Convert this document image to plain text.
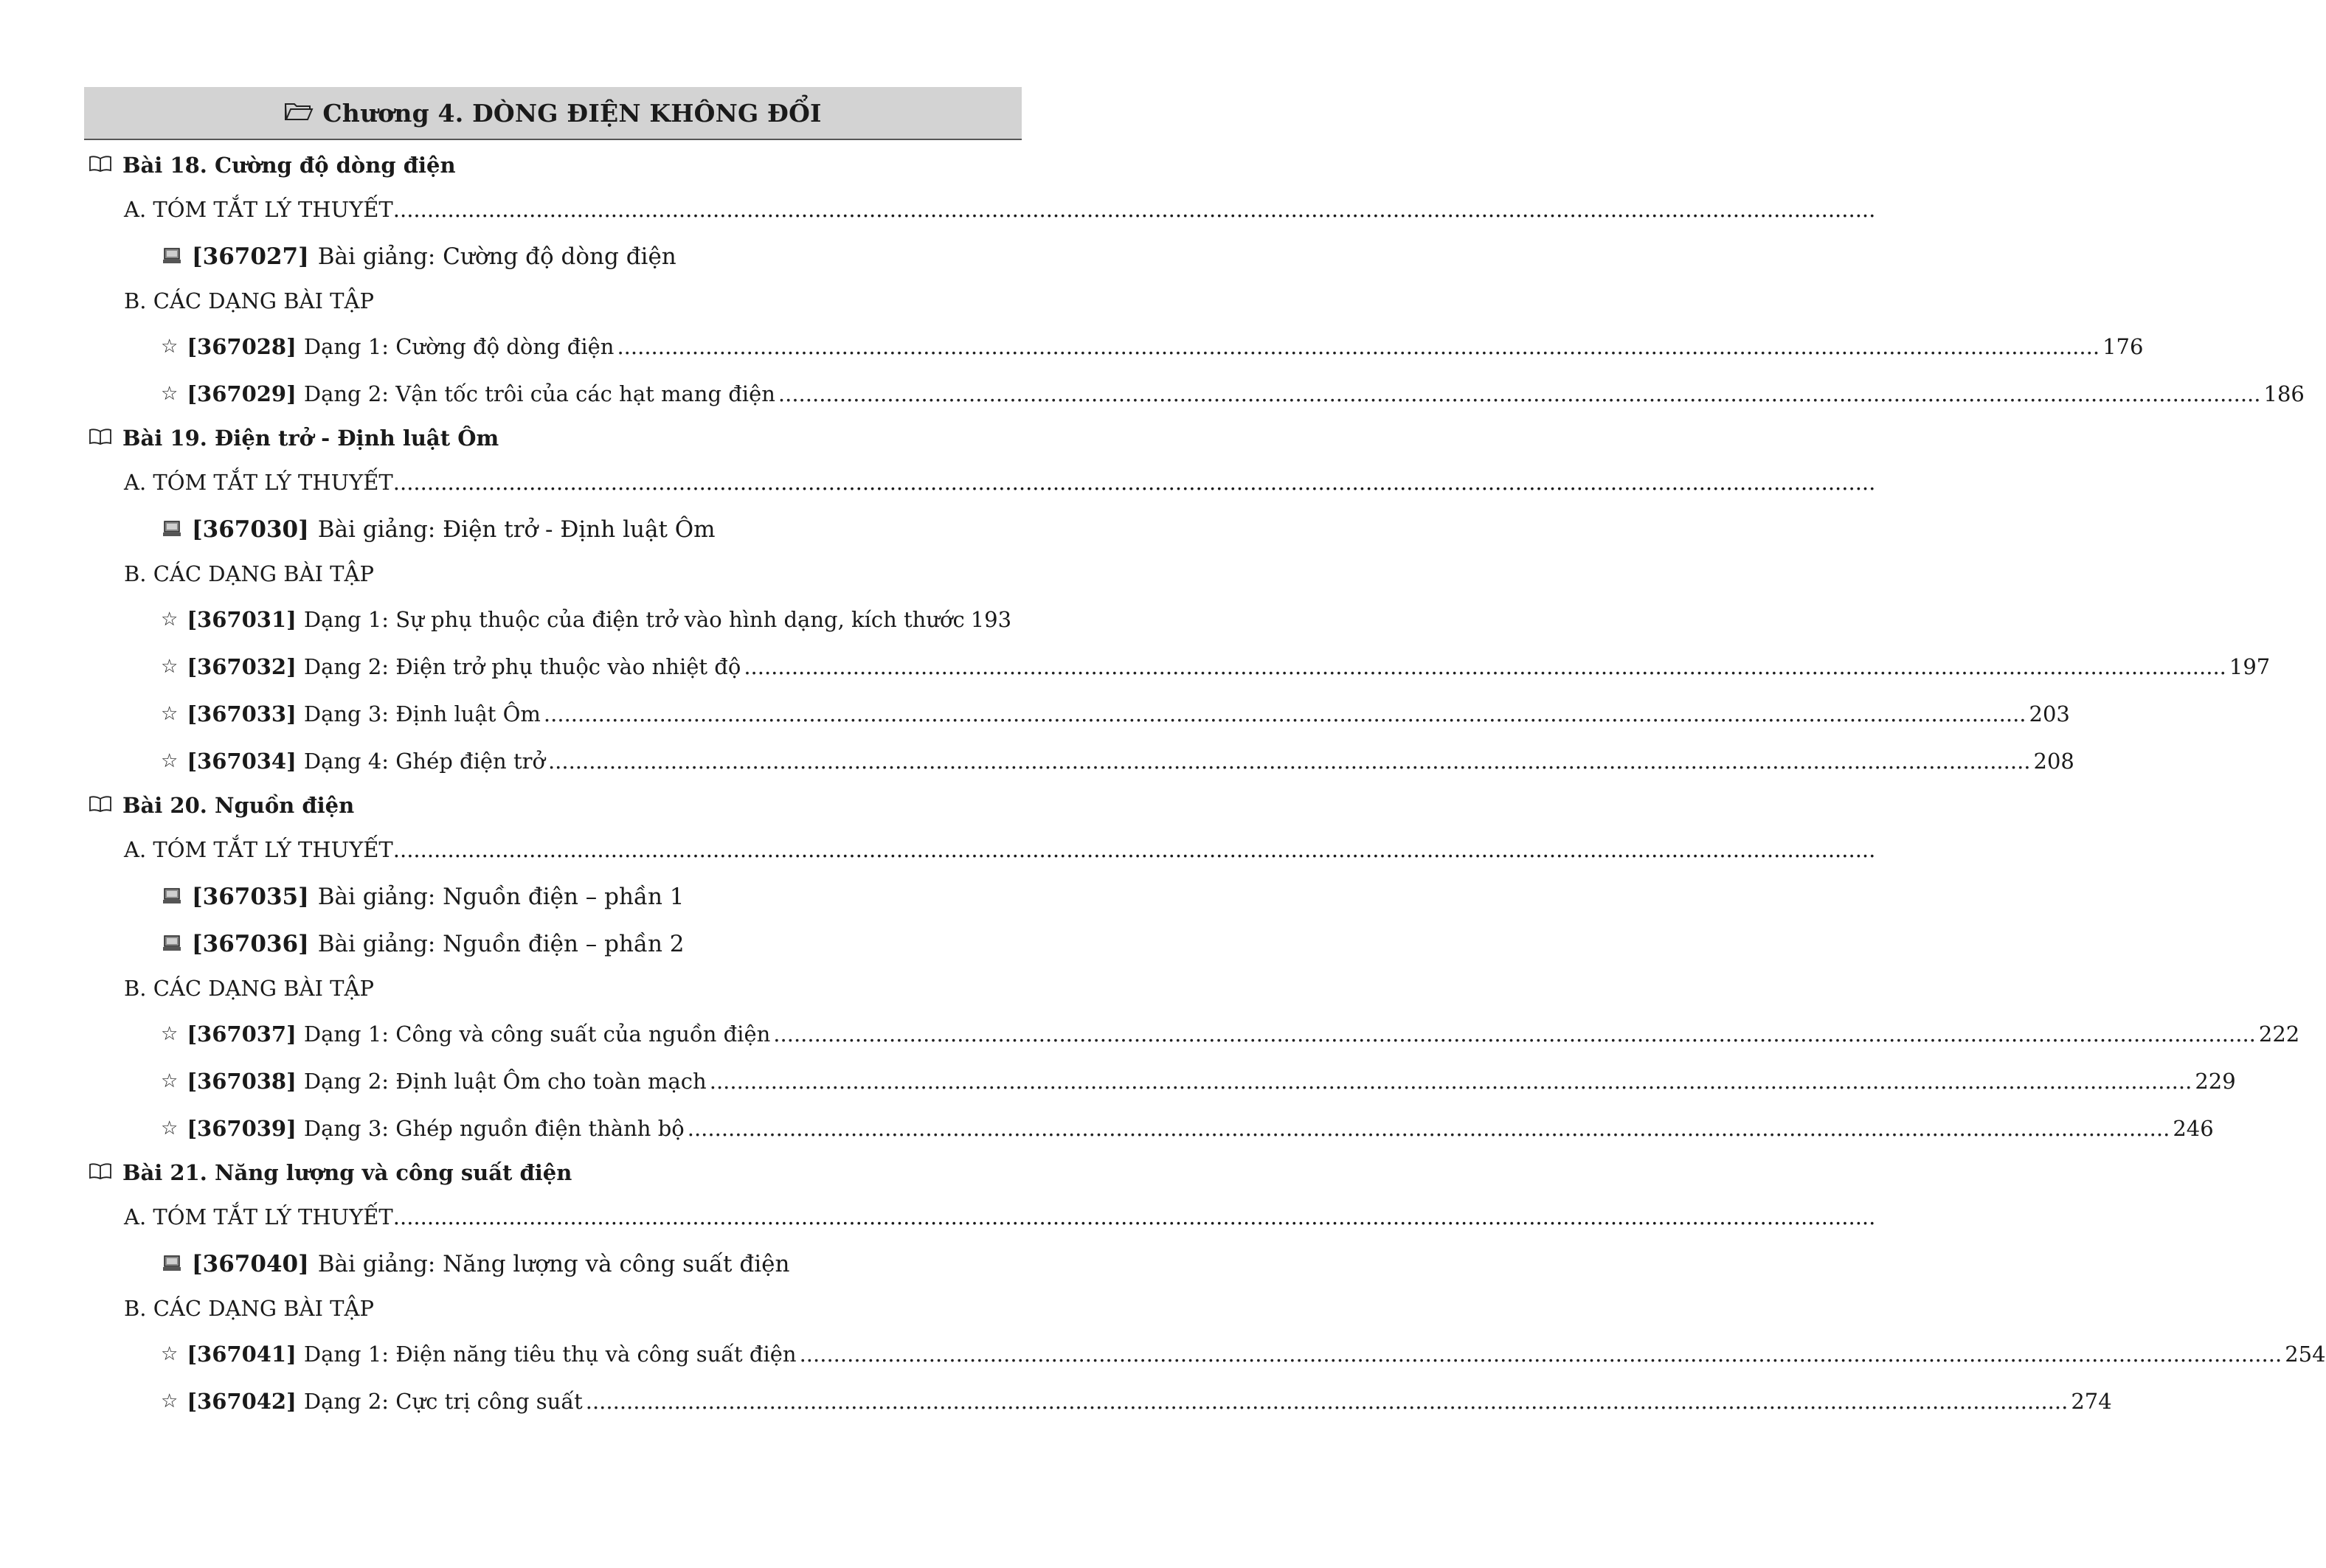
Chương 4. DÒNG ĐIỆN KHÔNG ĐỔI
Bài 18. Cường độ dòng điện
A. TÓM TẮT LÝ THUYẾT ..........................................................................................................................................................................................................................
[367027] Bài giảng: Cường độ dòng điện
B. CÁC DẠNG BÀI TẬP
☆ [367028] Dạng 1: Cường độ dòng điện .......................................................................................................................................................................................................................... 176
☆ [367029] Dạng 2: Vận tốc trôi của các hạt mang điện .......................................................................................................................................................................................................................... 186
Bài 19. Điện trở - Định luật Ôm
A. TÓM TẮT LÝ THUYẾT ..........................................................................................................................................................................................................................
[367030] Bài giảng: Điện trở - Định luật Ôm
B. CÁC DẠNG BÀI TẬP
☆ [367031] Dạng 1: Sự phụ thuộc của điện trở vào hình dạng, kích thước 193
☆ [367032] Dạng 2: Điện trở phụ thuộc vào nhiệt độ .......................................................................................................................................................................................................................... 197
☆ [367033] Dạng 3: Định luật Ôm .......................................................................................................................................................................................................................... 203
☆ [367034] Dạng 4: Ghép điện trở .......................................................................................................................................................................................................................... 208
Bài 20. Nguồn điện
A. TÓM TẮT LÝ THUYẾT ..........................................................................................................................................................................................................................
[367035] Bài giảng: Nguồn điện – phần 1
[367036] Bài giảng: Nguồn điện – phần 2
B. CÁC DẠNG BÀI TẬP
☆ [367037] Dạng 1: Công và công suất của nguồn điện .......................................................................................................................................................................................................................... 222
☆ [367038] Dạng 2: Định luật Ôm cho toàn mạch .......................................................................................................................................................................................................................... 229
☆ [367039] Dạng 3: Ghép nguồn điện thành bộ .......................................................................................................................................................................................................................... 246
Bài 21. Năng lượng và công suất điện
A. TÓM TẮT LÝ THUYẾT ..........................................................................................................................................................................................................................
[367040] Bài giảng: Năng lượng và công suất điện
B. CÁC DẠNG BÀI TẬP
☆ [367041] Dạng 1: Điện năng tiêu thụ và công suất điện .......................................................................................................................................................................................................................... 254
☆ [367042] Dạng 2: Cực trị công suất .......................................................................................................................................................................................................................... 274
